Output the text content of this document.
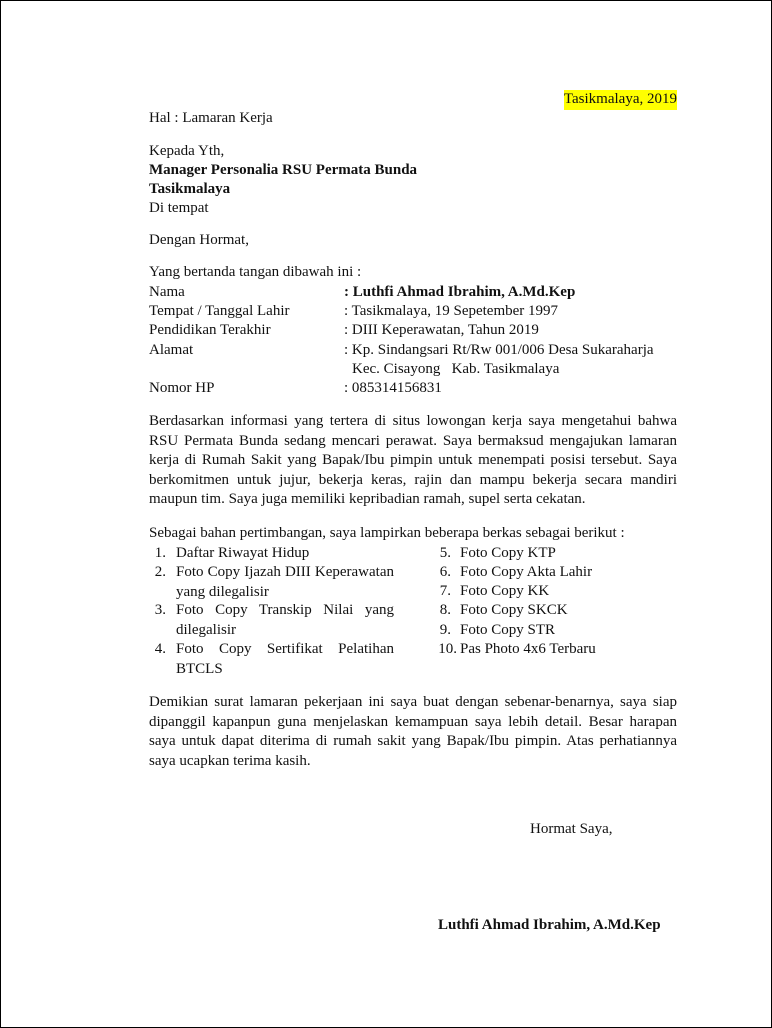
Tasikmalaya, 2019
Hal : Lamaran Kerja
Kepada Yth,
Manager Personalia RSU Permata Bunda
Tasikmalaya
Di tempat
Dengan Hormat,
Yang bertanda tangan dibawah ini :
Nama	: Luthfi Ahmad Ibrahim, A.Md.Kep
Tempat / Tanggal Lahir	: Tasikmalaya, 19 Sepetember 1997
Pendidikan Terakhir	: DIII Keperawatan, Tahun 2019
Alamat	: Kp. Sindangsari Rt/Rw 001/006 Desa Sukaraharja
Kec. Cisayong   Kab. Tasikmalaya
Nomor HP	: 085314156831
Berdasarkan informasi yang tertera di situs lowongan kerja saya mengetahui bahwa RSU Permata Bunda sedang mencari perawat. Saya bermaksud mengajukan lamaran kerja di Rumah Sakit yang Bapak/Ibu pimpin untuk menempati posisi tersebut. Saya berkomitmen untuk jujur, bekerja keras, rajin dan mampu bekerja secara mandiri maupun tim. Saya juga memiliki kepribadian ramah, supel serta cekatan.
Sebagai bahan pertimbangan, saya lampirkan beberapa berkas sebagai berikut :
1. Daftar Riwayat Hidup
2. Foto Copy Ijazah DIII Keperawatan yang dilegalisir
3. Foto Copy Transkip Nilai yang dilegalisir
4. Foto Copy Sertifikat Pelatihan BTCLS
5. Foto Copy KTP
6. Foto Copy Akta Lahir
7. Foto Copy KK
8. Foto Copy SKCK
9. Foto Copy STR
10. Pas Photo 4x6 Terbaru
Demikian surat lamaran pekerjaan ini saya buat dengan sebenar-benarnya, saya siap dipanggil kapanpun guna menjelaskan kemampuan saya lebih detail. Besar harapan saya untuk dapat diterima di rumah sakit yang Bapak/Ibu pimpin. Atas perhatiannya saya ucapkan terima kasih.
Hormat Saya,
Luthfi Ahmad Ibrahim, A.Md.Kep
